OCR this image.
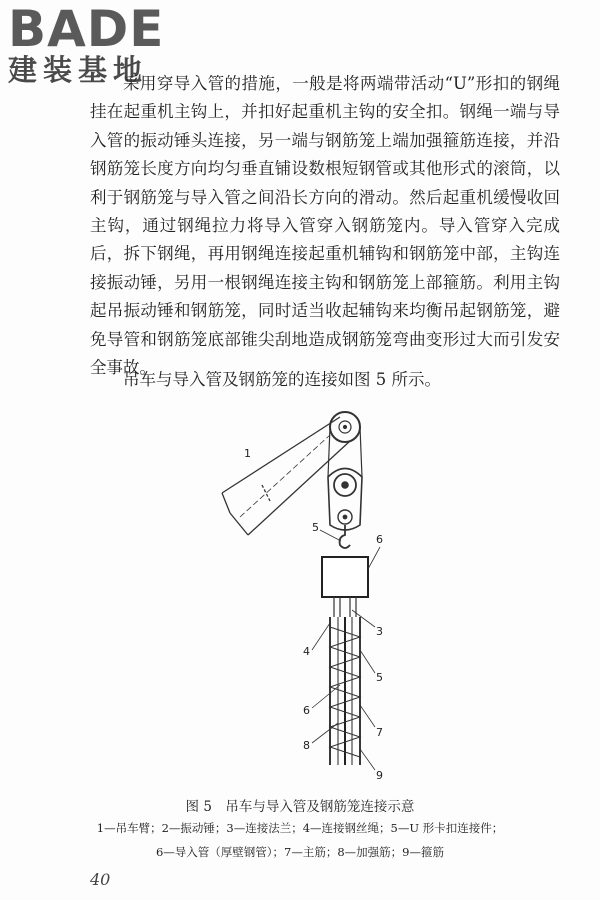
BADE
建装基地

采用穿导入管的措施，一般是将两端带活动“U”形扣的钢绳挂在起重机主钩上，并扣好起重机主钩的安全扣。钢绳一端与导入管的振动锤头连接，另一端与钢筋笼上端加强箍筋连接，并沿钢筋笼长度方向均匀垂直铺设数根短钢管或其他形式的滚筒，以利于钢筋笼与导入管之间沿长方向的滑动。然后起重机缓慢收回主钩，通过钢绳拉力将导入管穿入钢筋笼内。导入管穿入完成后，拆下钢绳，再用钢绳连接起重机辅钩和钢筋笼中部，主钩连接振动锤，另用一根钢绳连接主钩和钢筋笼上部箍筋。利用主钩起吊振动锤和钢筋笼，同时适当收起辅钩来均衡吊起钢筋笼，避免导管和钢筋笼底部锥尖刮地造成钢筋笼弯曲变形过大而引发安全事故。

吊车与导入管及钢筋笼的连接如图 5 所示。

1
5
6
3
4
5
6
7
8
9

图 5　吊车与导入管及钢筋笼连接示意

1—吊车臂；2—振动锤；3—连接法兰；4—连接钢丝绳；5—U 形卡扣连接件；

6—导入管（厚壁钢管）；7—主筋；8—加强筋；9—箍筋

40
